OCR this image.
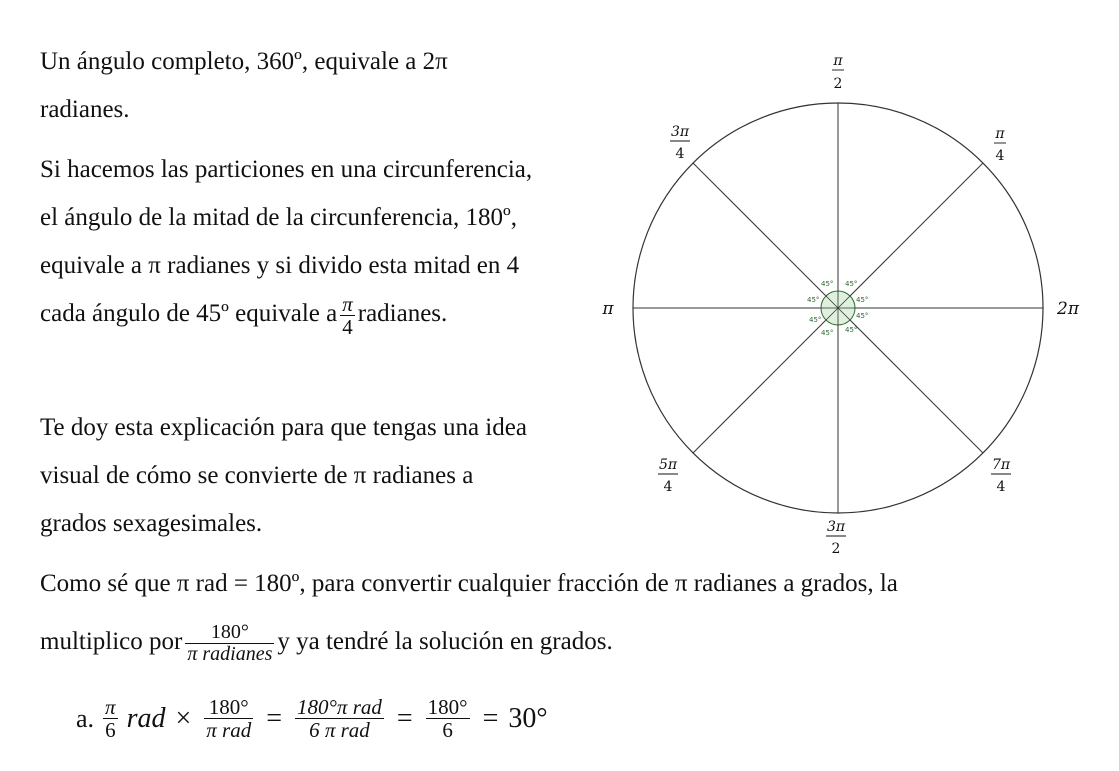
Un ángulo completo, 360º, equivale a 2π radianes.

Si hacemos las particiones en una circunferencia, el ángulo de la mitad de la circunferencia, 180º, equivale a π radianes y si divido esta mitad en 4 cada ángulo de 45º equivale a $\frac{\pi}{4}$ radianes.

Te doy esta explicación para que tengas una idea visual de cómo se convierte de π radianes a grados sexagesimales.

Como sé que π rad = 180º, para convertir cualquier fracción de π radianes a grados, la

multiplico por $\frac{180^\circ}{\text{π radianes}}$ y ya tendré la solución en grados.

a. $\frac{\pi}{6}$ rad × $\frac{180^\circ}{\text{π rad}} = \frac{\text{180°π rad}}{\text{6 π rad}} = \frac{180^\circ}{6} = 30^\circ$
45° 45°
45°
45°
45°
45°
45°
45°
π
2
π
4
3π
4
π	2π
5π
4
7π
4
3π
2
